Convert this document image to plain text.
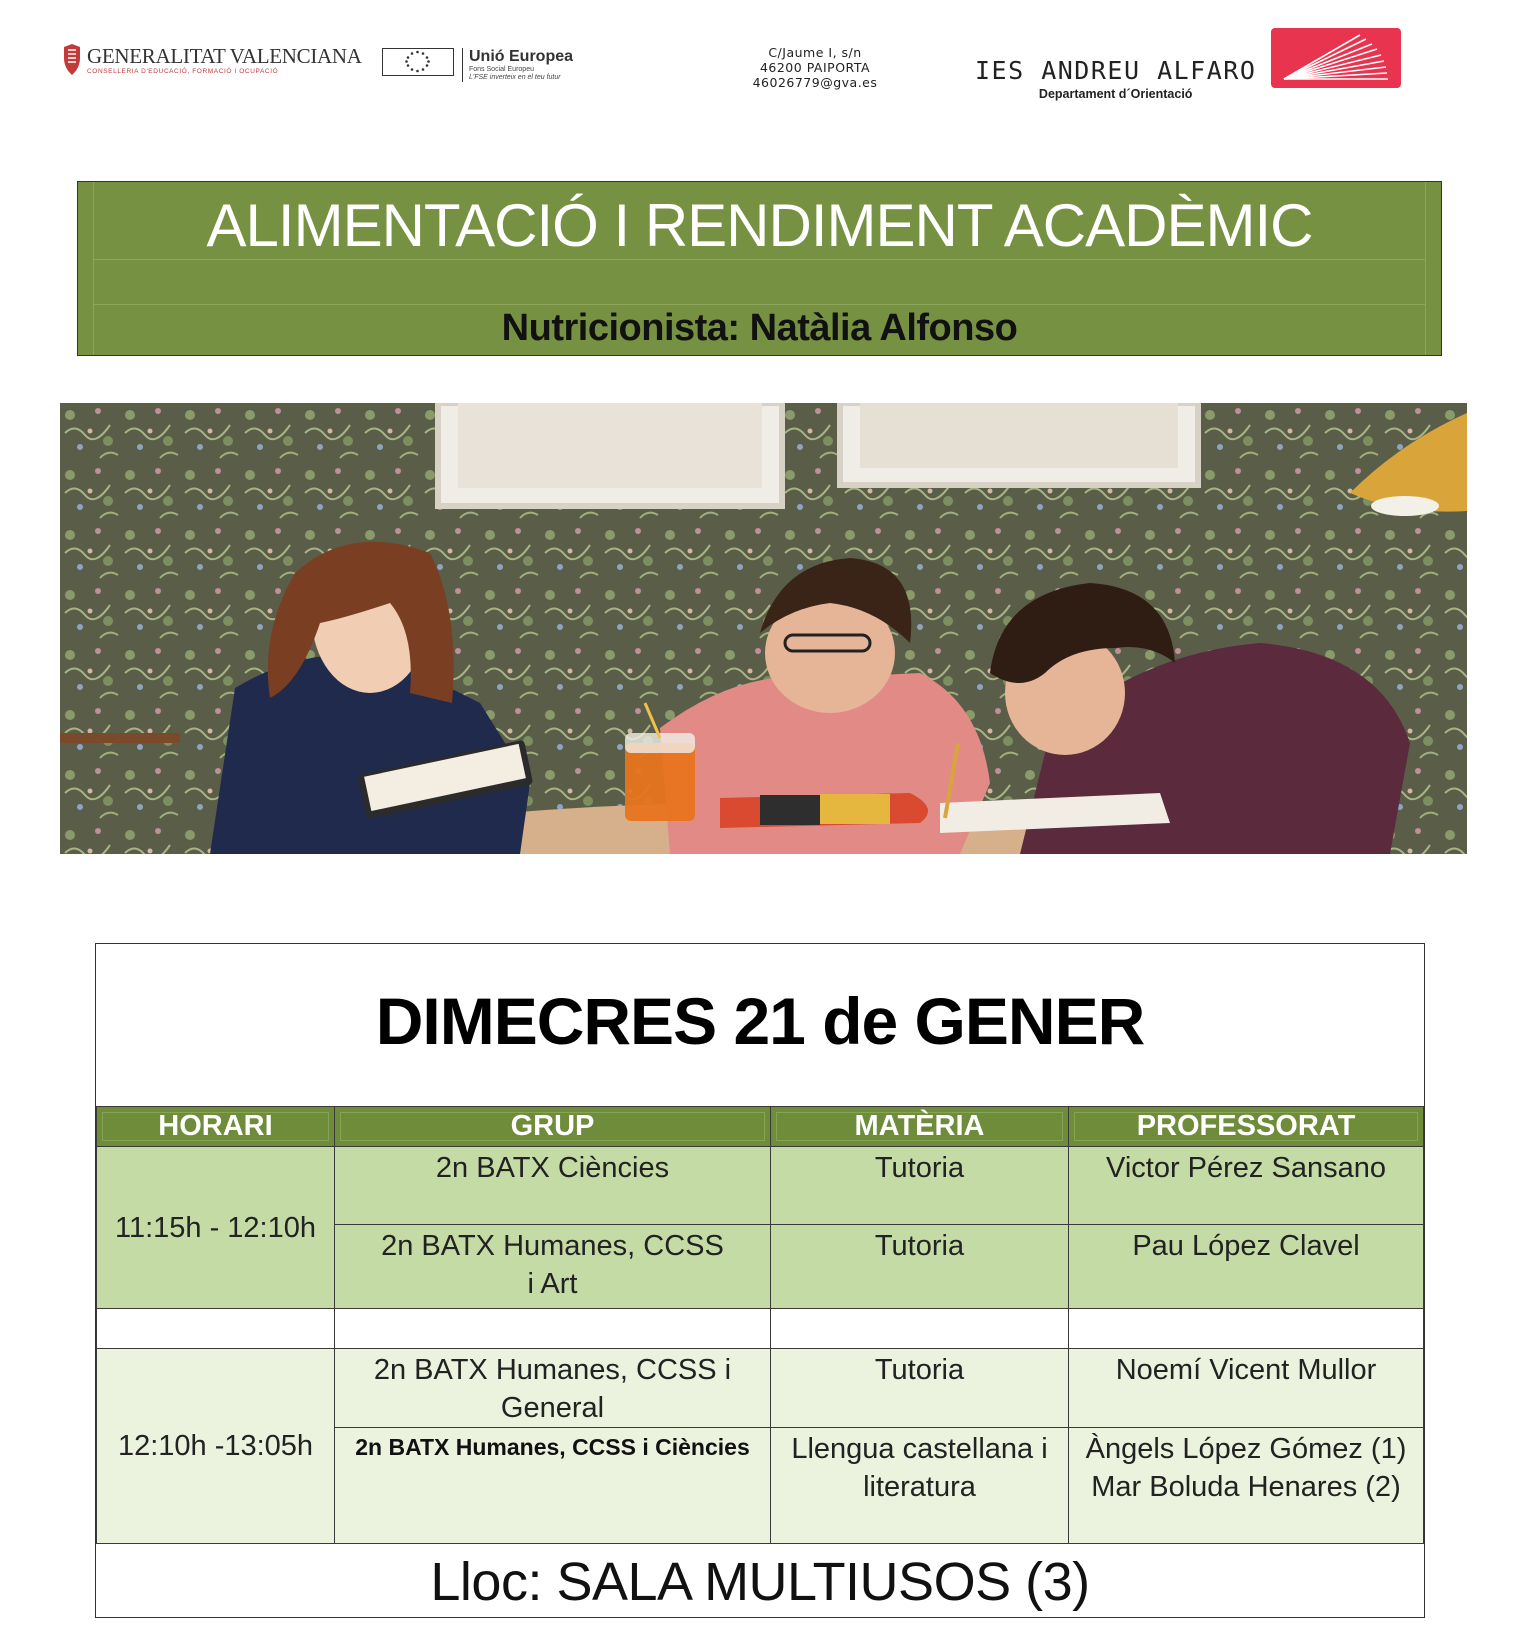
GENERALITAT VALENCIANA
CONSELLERIA D'EDUCACIÓ, FORMACIÓ I OCUPACIÓ
Unió Europea
Fons Social Europeu
L'FSE inverteix en el teu futur
C/Jaume I, s/n
46200 PAIPORTA
46026779@gva.es	IES ANDREU ALFARO
Departament d´Orientació
ALIMENTACIÓ I RENDIMENT ACADÈMIC
Nutricionista: Natàlia Alfonso
DIMECRES 21 de GENER
HORARI	GRUP	MATÈRIA	PROFESSORAT
11:15h - 12:10h	2n BATX Ciències	Tutoria	Victor Pérez Sansano

	2n BATX Humanes, CCSS
i Art	Tutoria	Pau López Clavel

12:10h -13:05h	2n BATX Humanes, CCSS i
General	Tutoria	Noemí Vicent Mullor

	2n BATX Humanes, CCSS i Ciències	Llengua castellana i
literatura	Àngels López Gómez (1)
Mar Boluda Henares (2)
Lloc: SALA MULTIUSOS (3)
